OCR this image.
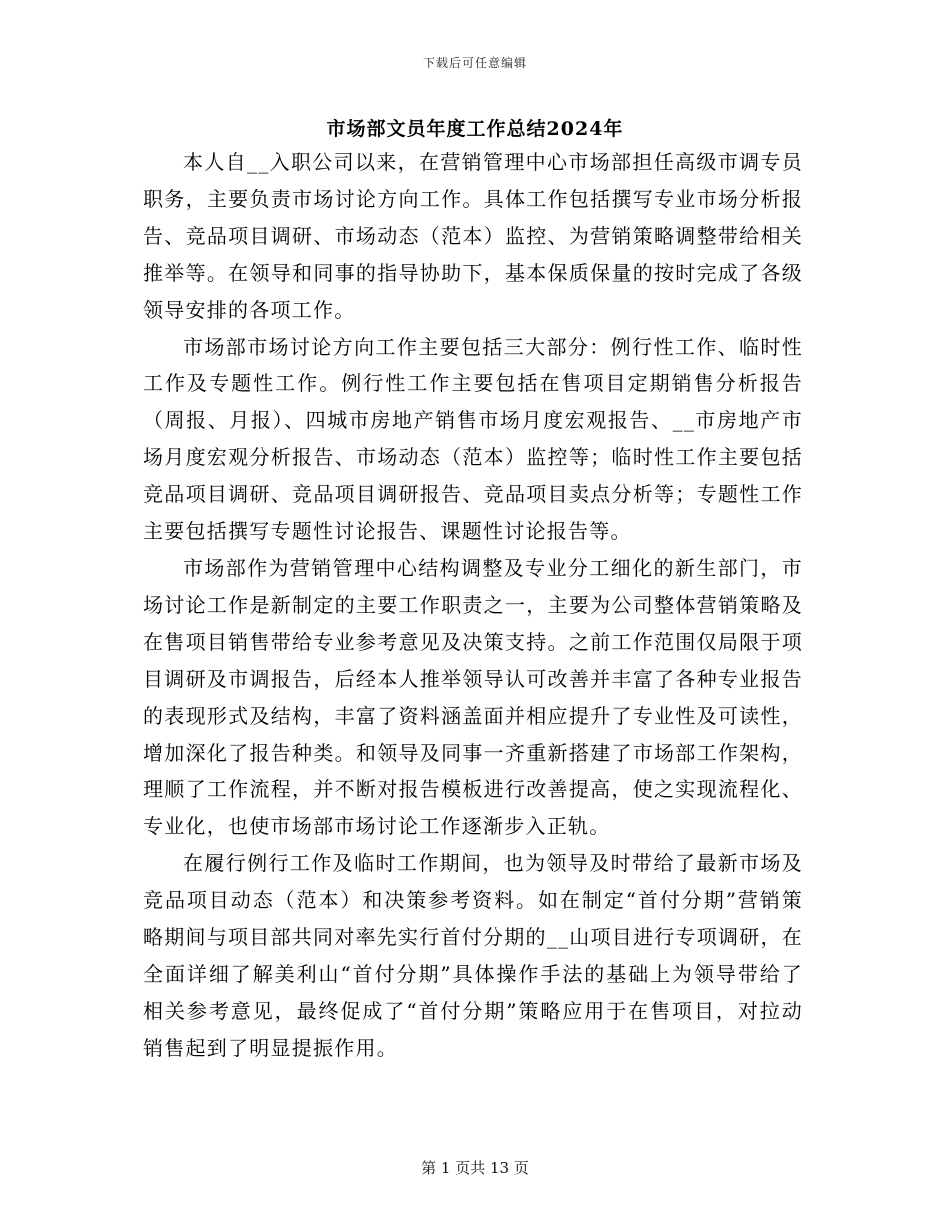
下载后可任意编辑
市场部文员年度工作总结2024年

本人自__入职公司以来，在营销管理中心市场部担任高级市调专员职务，主要负责市场讨论方向工作。具体工作包括撰写专业市场分析报告、竞品项目调研、市场动态（范本）监控、为营销策略调整带给相关推举等。在领导和同事的指导协助下，基本保质保量的按时完成了各级领导安排的各项工作。

市场部市场讨论方向工作主要包括三大部分：例行性工作、临时性工作及专题性工作。例行性工作主要包括在售项目定期销售分析报告（周报、月报）、四城市房地产销售市场月度宏观报告、__市房地产市场月度宏观分析报告、市场动态（范本）监控等；临时性工作主要包括竞品项目调研、竞品项目调研报告、竞品项目卖点分析等；专题性工作主要包括撰写专题性讨论报告、课题性讨论报告等。

市场部作为营销管理中心结构调整及专业分工细化的新生部门，市场讨论工作是新制定的主要工作职责之一，主要为公司整体营销策略及在售项目销售带给专业参考意见及决策支持。之前工作范围仅局限于项目调研及市调报告，后经本人推举领导认可改善并丰富了各种专业报告的表现形式及结构，丰富了资料涵盖面并相应提升了专业性及可读性，增加深化了报告种类。和领导及同事一齐重新搭建了市场部工作架构，理顺了工作流程，并不断对报告模板进行改善提高，使之实现流程化、专业化，也使市场部市场讨论工作逐渐步入正轨。

在履行例行工作及临时工作期间，也为领导及时带给了最新市场及竞品项目动态（范本）和决策参考资料。如在制定“首付分期”营销策略期间与项目部共同对率先实行首付分期的__山项目进行专项调研，在全面详细了解美利山“首付分期”具体操作手法的基础上为领导带给了相关参考意见，最终促成了“首付分期”策略应用于在售项目，对拉动销售起到了明显提振作用。

第 1 页共 13 页
